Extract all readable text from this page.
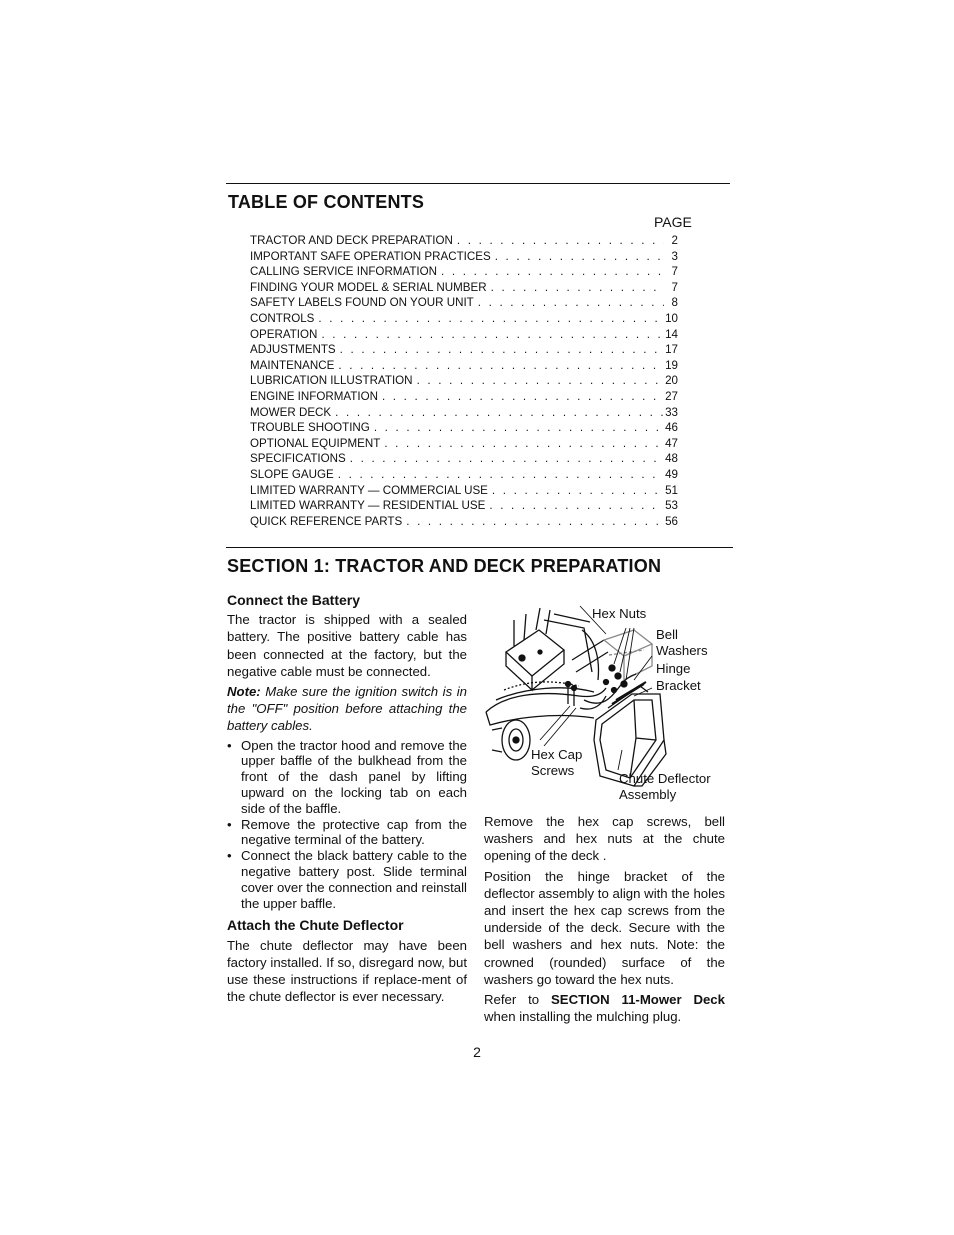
TABLE OF CONTENTS
PAGE
TRACTOR AND DECK PREPARATION . . .	2
IMPORTANT SAFE OPERATION PRACTICES . . .	3
CALLING SERVICE INFORMATION . . .	7
FINDING YOUR MODEL & SERIAL NUMBER . . .	7
SAFETY LABELS FOUND ON YOUR UNIT . . .	8
CONTROLS . . .	10
OPERATION . . .	14
ADJUSTMENTS . . .	17
MAINTENANCE . . .	19
LUBRICATION ILLUSTRATION . . .	20
ENGINE INFORMATION . . .	27
MOWER DECK . . .	33
TROUBLE SHOOTING . . .	46
OPTIONAL EQUIPMENT . . .	47
SPECIFICATIONS . . .	48
SLOPE GAUGE . . .	49
LIMITED WARRANTY — COMMERCIAL USE . . .	51
LIMITED WARRANTY — RESIDENTIAL USE . . .	53
QUICK REFERENCE PARTS . . .	56
SECTION 1: TRACTOR AND DECK PREPARATION
Connect the Battery

The tractor is shipped with a sealed battery. The positive battery cable has been connected at the factory, but the negative cable must be connected.

Note: Make sure the ignition switch is in the "OFF" position before attaching the battery cables.

• Open the tractor hood and remove the upper baffle of the bulkhead from the front of the dash panel by lifting upward on the locking tab on each side of the baffle.
• Remove the protective cap from the negative terminal of the battery.
• Connect the black battery cable to the negative battery post. Slide terminal cover over the connection and reinstall the upper baffle.
Attach the Chute Deflector

The chute deflector may have been factory installed. If so, disregard now, but use these instructions if replace-ment of the chute deflector is ever necessary.

Hex Nuts
Bell
Washers
Hinge
Bracket
Hex Cap
Screws
Chute Deflector
Assembly

Remove the hex cap screws, bell washers and hex nuts at the chute opening of the deck .

Position the hinge bracket of the deflector assembly to align with the holes and insert the hex cap screws from the underside of the deck. Secure with the bell washers and hex nuts. Note: the crowned (rounded) surface of the washers go toward the hex nuts.

Refer to SECTION 11-Mower Deck when installing the mulching plug.

2
